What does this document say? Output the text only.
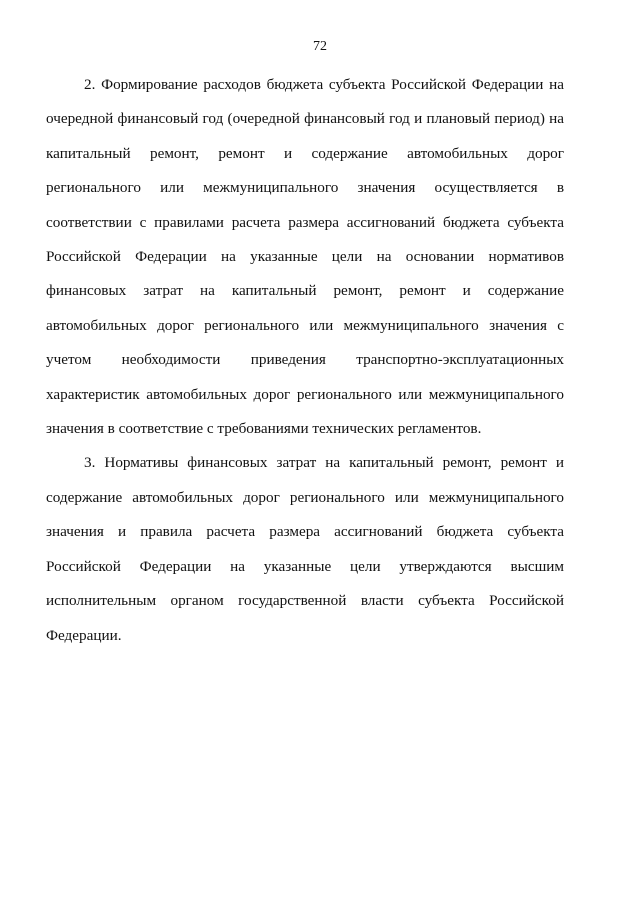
72
2. Формирование расходов бюджета субъекта Российской Федерации на
очередной финансовый год (очередной финансовый год и плановый период) на
капитальный ремонт, ремонт и содержание автомобильных дорог
регионального или межмуниципального значения осуществляется в
соответствии с правилами расчета размера ассигнований бюджета субъекта
Российской Федерации на указанные цели на основании нормативов
финансовых затрат на капитальный ремонт, ремонт и содержание
автомобильных дорог регионального или межмуниципального значения с
учетом необходимости приведения транспортно-эксплуатационных
характеристик автомобильных дорог регионального или межмуниципального
значения в соответствие с требованиями технических регламентов.
3. Нормативы финансовых затрат на капитальный ремонт, ремонт и
содержание автомобильных дорог регионального или межмуниципального
значения и правила расчета размера ассигнований бюджета субъекта
Российской Федерации на указанные цели утверждаются высшим
исполнительным органом государственной власти субъекта Российской
Федерации.
